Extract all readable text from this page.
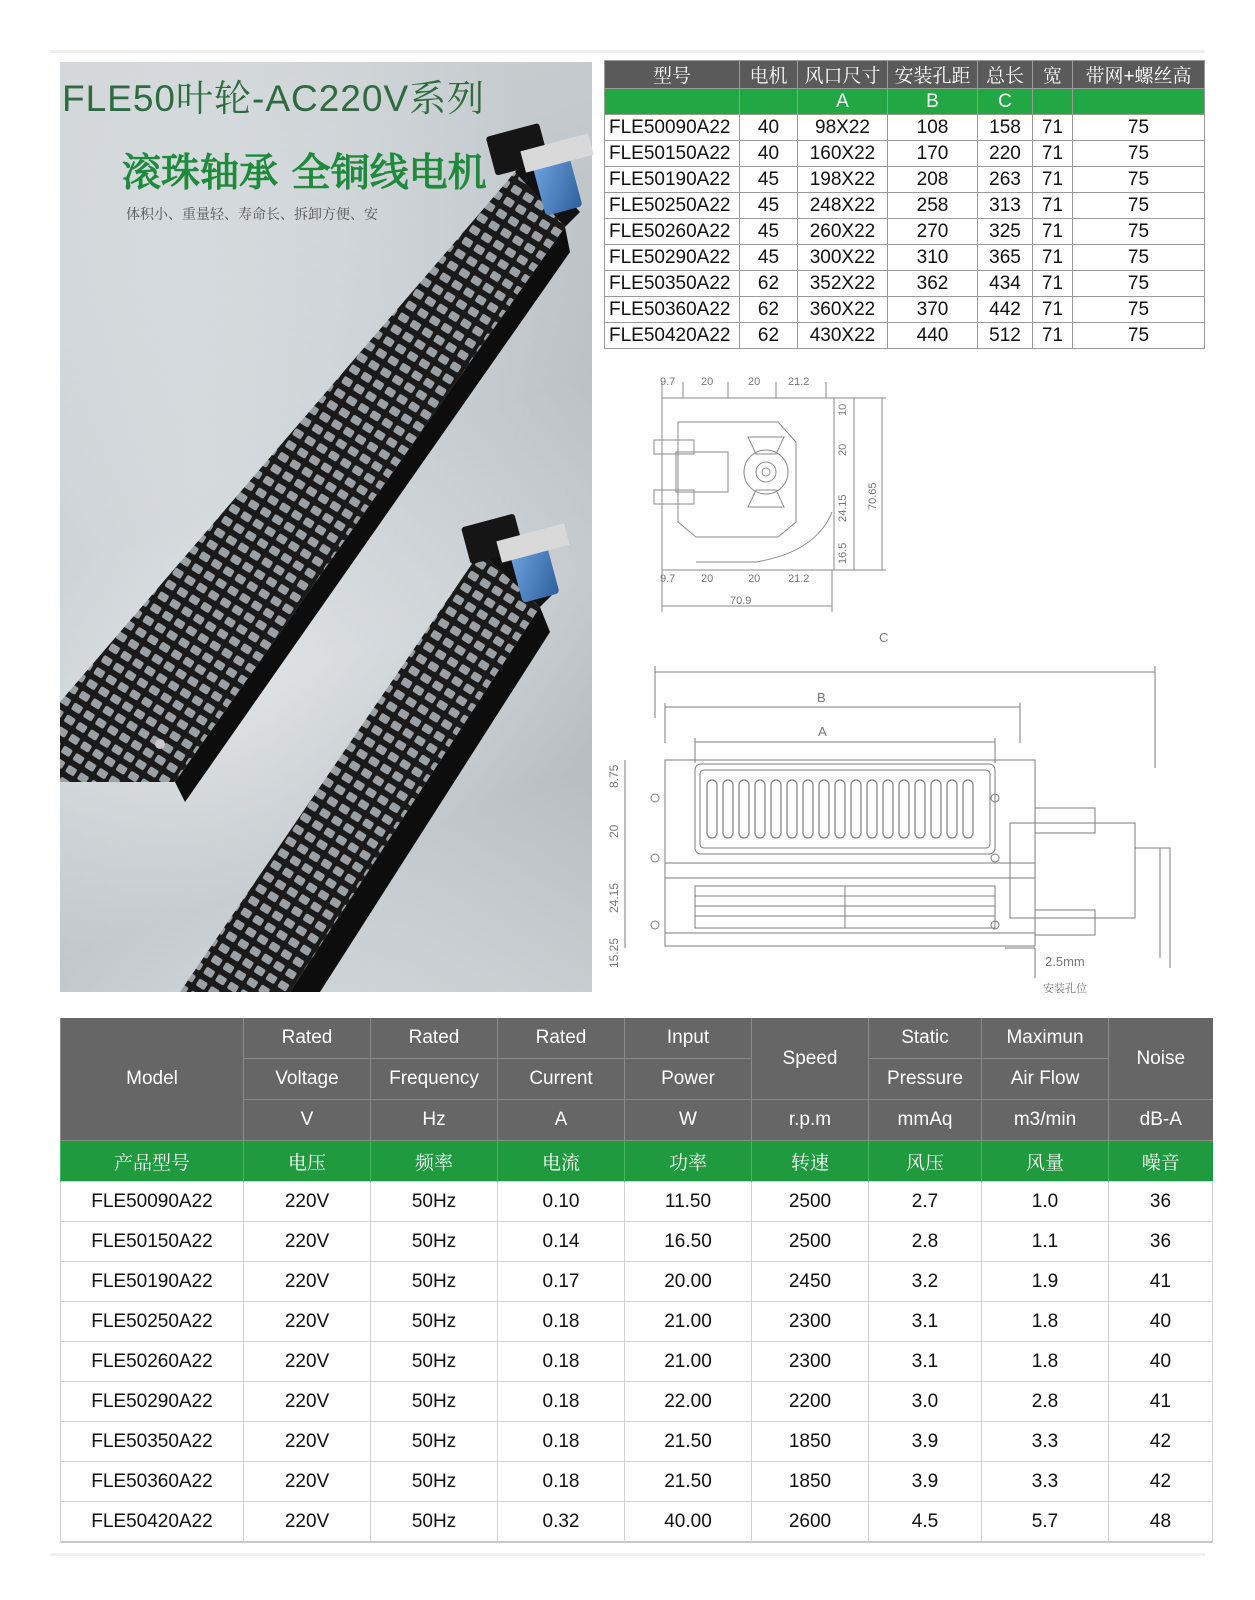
FLE50叶轮-AC220V系列
滚珠轴承 全铜线电机

体积小、重量轻、寿命长、拆卸方便、安

型号	电机	风口尺寸	安装孔距	总长	宽	带网+螺丝高
		A	B	C		
FLE50090A22	40	98X22	108	158	71	75
FLE50150A22	40	160X22	170	220	71	75
FLE50190A22	45	198X22	208	263	71	75
FLE50250A22	45	248X22	258	313	71	75
FLE50260A22	45	260X22	270	325	71	75
FLE50290A22	45	300X22	310	365	71	75
FLE50350A22	62	352X22	362	434	71	75
FLE50360A22	62	360X22	370	442	71	75
FLE50420A22	62	430X22	440	512	71	75
9.7 20	20	21.2
9.7 20	20	21.2
70.9
10
20
24.15
16.5
70.65
B
A
8.75
20
24.15
15.25	2.5mm
安装孔位
C
Model	Rated	Rated	Rated	Input	Speed	Static	Maximun	Noise
	Voltage	Frequency	Current	Power		Pressure	Air Flow	
	V	Hz	A	W	r.p.m	mmAq	m3/min	dB-A
产品型号	电压	频率	电流	功率	转速	风压	风量	噪音
FLE50090A22	220V	50Hz	0.10	11.50	2500	2.7	1.0	36
FLE50150A22	220V	50Hz	0.14	16.50	2500	2.8	1.1	36
FLE50190A22	220V	50Hz	0.17	20.00	2450	3.2	1.9	41
FLE50250A22	220V	50Hz	0.18	21.00	2300	3.1	1.8	40
FLE50260A22	220V	50Hz	0.18	21.00	2300	3.1	1.8	40
FLE50290A22	220V	50Hz	0.18	22.00	2200	3.0	2.8	41
FLE50350A22	220V	50Hz	0.18	21.50	1850	3.9	3.3	42
FLE50360A22	220V	50Hz	0.18	21.50	1850	3.9	3.3	42
FLE50420A22	220V	50Hz	0.32	40.00	2600	4.5	5.7	48
